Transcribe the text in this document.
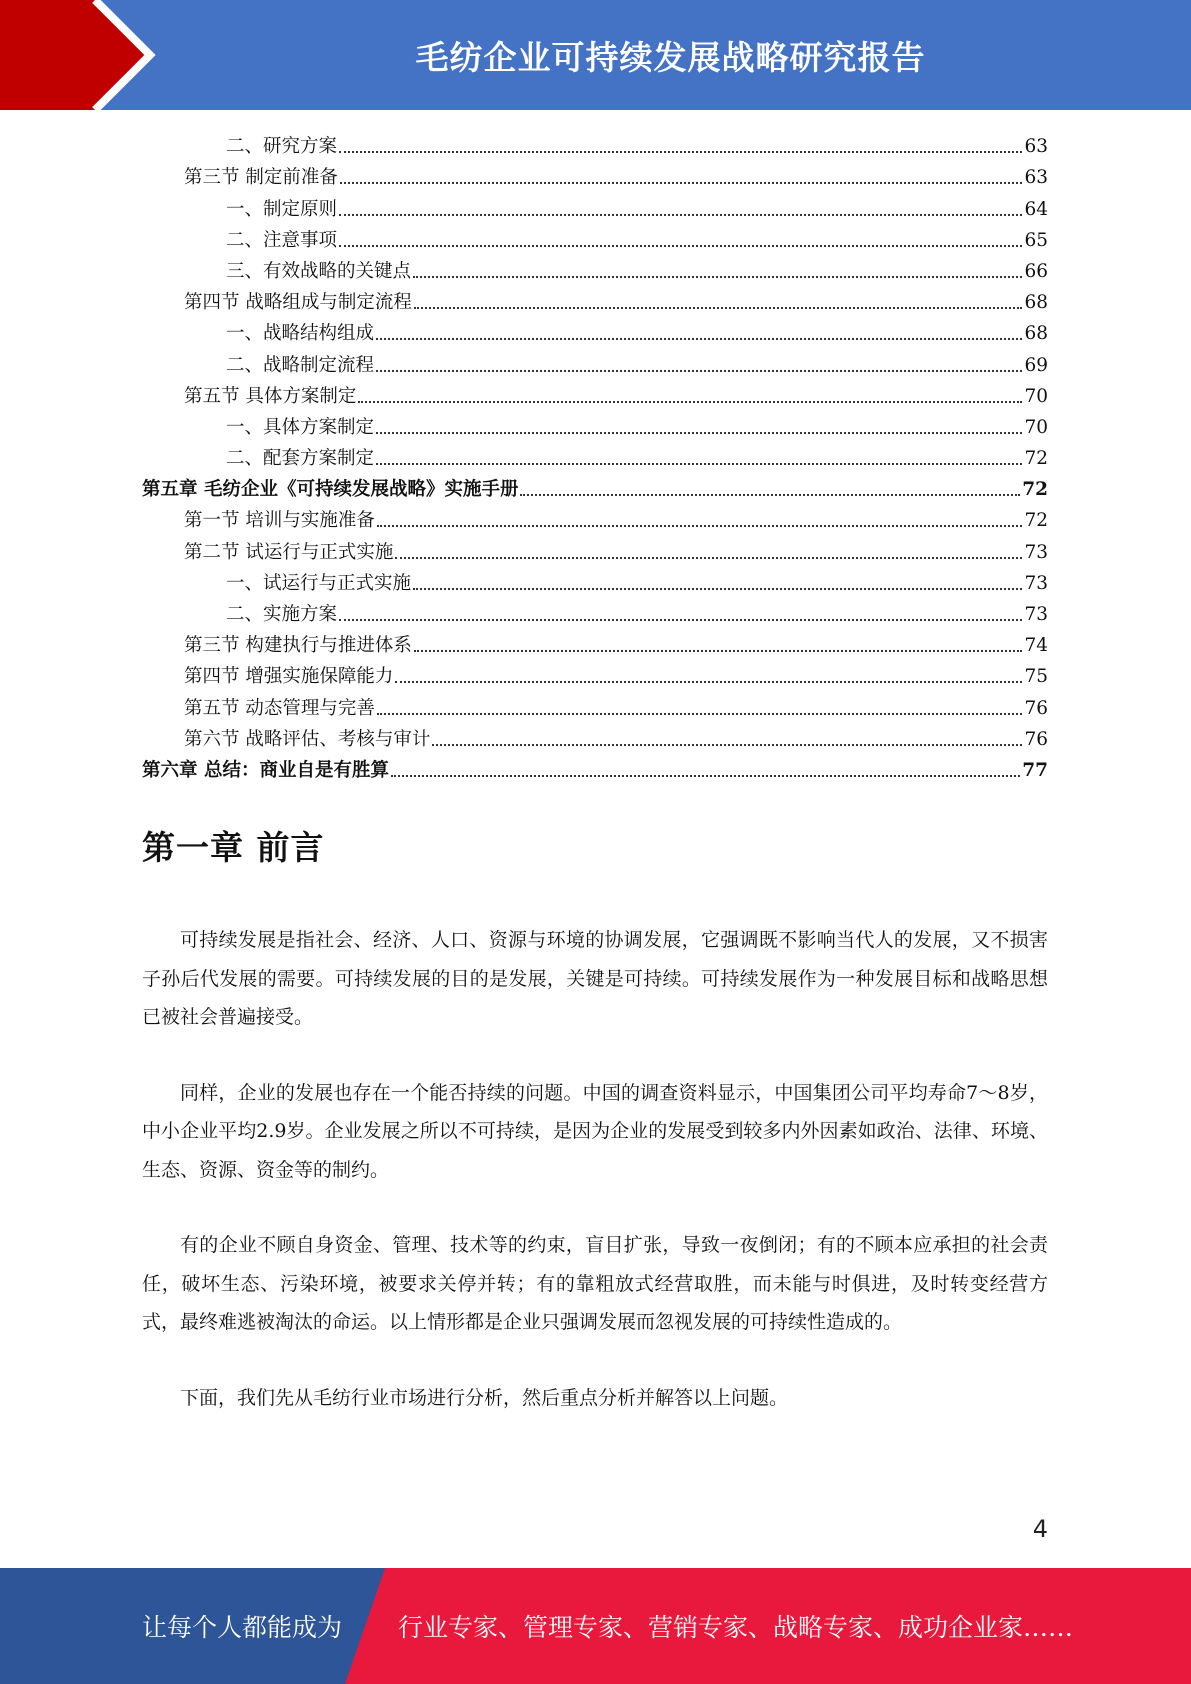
毛纺企业可持续发展战略研究报告
二、研究方案	63
第三节 制定前准备	63
一、制定原则	64
二、注意事项	65
三、有效战略的关键点	66
第四节 战略组成与制定流程	68
一、战略结构组成	68
二、战略制定流程	69
第五节 具体方案制定	70
一、具体方案制定	70
二、配套方案制定	72
第五章 毛纺企业《可持续发展战略》实施手册	72
第一节 培训与实施准备	72
第二节 试运行与正式实施	73
一、试运行与正式实施	73
二、实施方案	73
第三节 构建执行与推进体系	74
第四节 增强实施保障能力	75
第五节 动态管理与完善	76
第六节 战略评估、考核与审计	76
第六章 总结：商业自是有胜算	77
第一章 前言

可持续发展是指社会、经济、人口、资源与环境的协调发展，它强调既不影响当代人的发展，又不损害子孙后代发展的需要。可持续发展的目的是发展，关键是可持续。可持续发展作为一种发展目标和战略思想已被社会普遍接受。

同样，企业的发展也存在一个能否持续的问题。中国的调查资料显示，中国集团公司平均寿命7～8岁，中小企业平均2.9岁。企业发展之所以不可持续，是因为企业的发展受到较多内外因素如政治、法律、环境、生态、资源、资金等的制约。

有的企业不顾自身资金、管理、技术等的约束，盲目扩张，导致一夜倒闭；有的不顾本应承担的社会责任，破坏生态、污染环境，被要求关停并转；有的靠粗放式经营取胜，而未能与时俱进，及时转变经营方式，最终难逃被淘汰的命运。以上情形都是企业只强调发展而忽视发展的可持续性造成的。

下面，我们先从毛纺行业市场进行分析，然后重点分析并解答以上问题。

4
让每个人都能成为 行业专家、管理专家、营销专家、战略专家、成功企业家……
